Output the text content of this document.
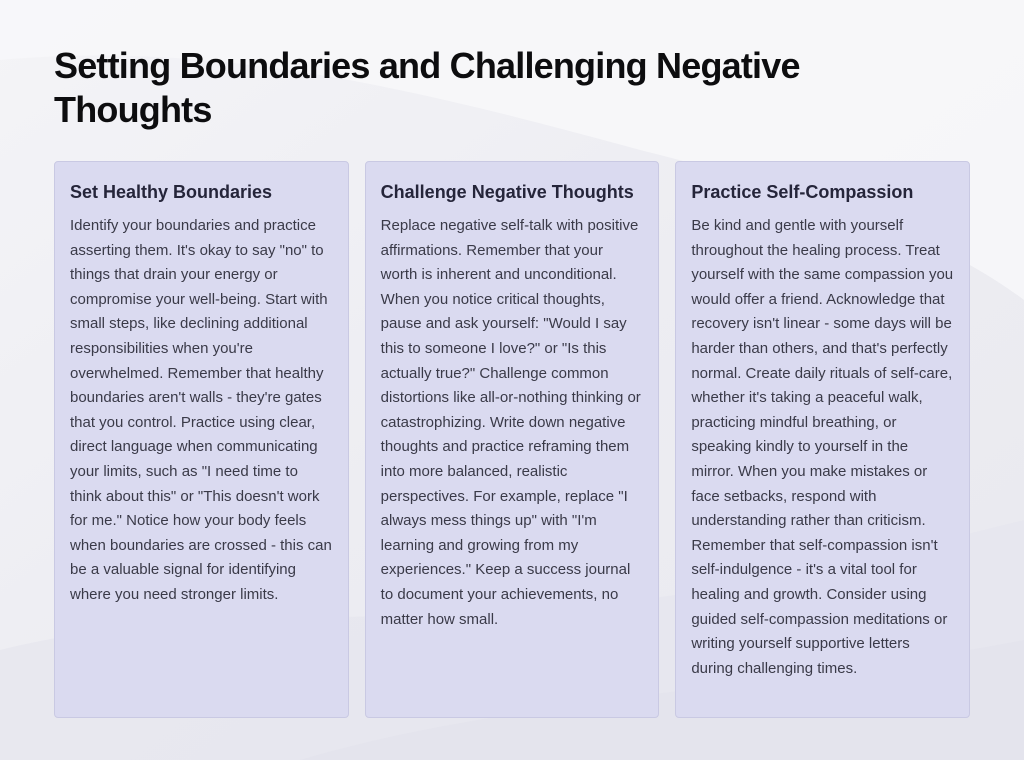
Setting Boundaries and Challenging Negative Thoughts
Set Healthy Boundaries

Identify your boundaries and practice asserting them. It's okay to say "no" to things that drain your energy or compromise your well-being. Start with small steps, like declining additional responsibilities when you're overwhelmed. Remember that healthy boundaries aren't walls - they're gates that you control. Practice using clear, direct language when communicating your limits, such as "I need time to think about this" or "This doesn't work for me." Notice how your body feels when boundaries are crossed - this can be a valuable signal for identifying where you need stronger limits.

Challenge Negative Thoughts

Replace negative self-talk with positive affirmations. Remember that your worth is inherent and unconditional. When you notice critical thoughts, pause and ask yourself: "Would I say this to someone I love?" or "Is this actually true?" Challenge common distortions like all-or-nothing thinking or catastrophizing. Write down negative thoughts and practice reframing them into more balanced, realistic perspectives. For example, replace "I always mess things up" with "I'm learning and growing from my experiences." Keep a success journal to document your achievements, no matter how small.

Practice Self-Compassion

Be kind and gentle with yourself throughout the healing process. Treat yourself with the same compassion you would offer a friend. Acknowledge that recovery isn't linear - some days will be harder than others, and that's perfectly normal. Create daily rituals of self-care, whether it's taking a peaceful walk, practicing mindful breathing, or speaking kindly to yourself in the mirror. When you make mistakes or face setbacks, respond with understanding rather than criticism. Remember that self-compassion isn't self-indulgence - it's a vital tool for healing and growth. Consider using guided self-compassion meditations or writing yourself supportive letters during challenging times.
